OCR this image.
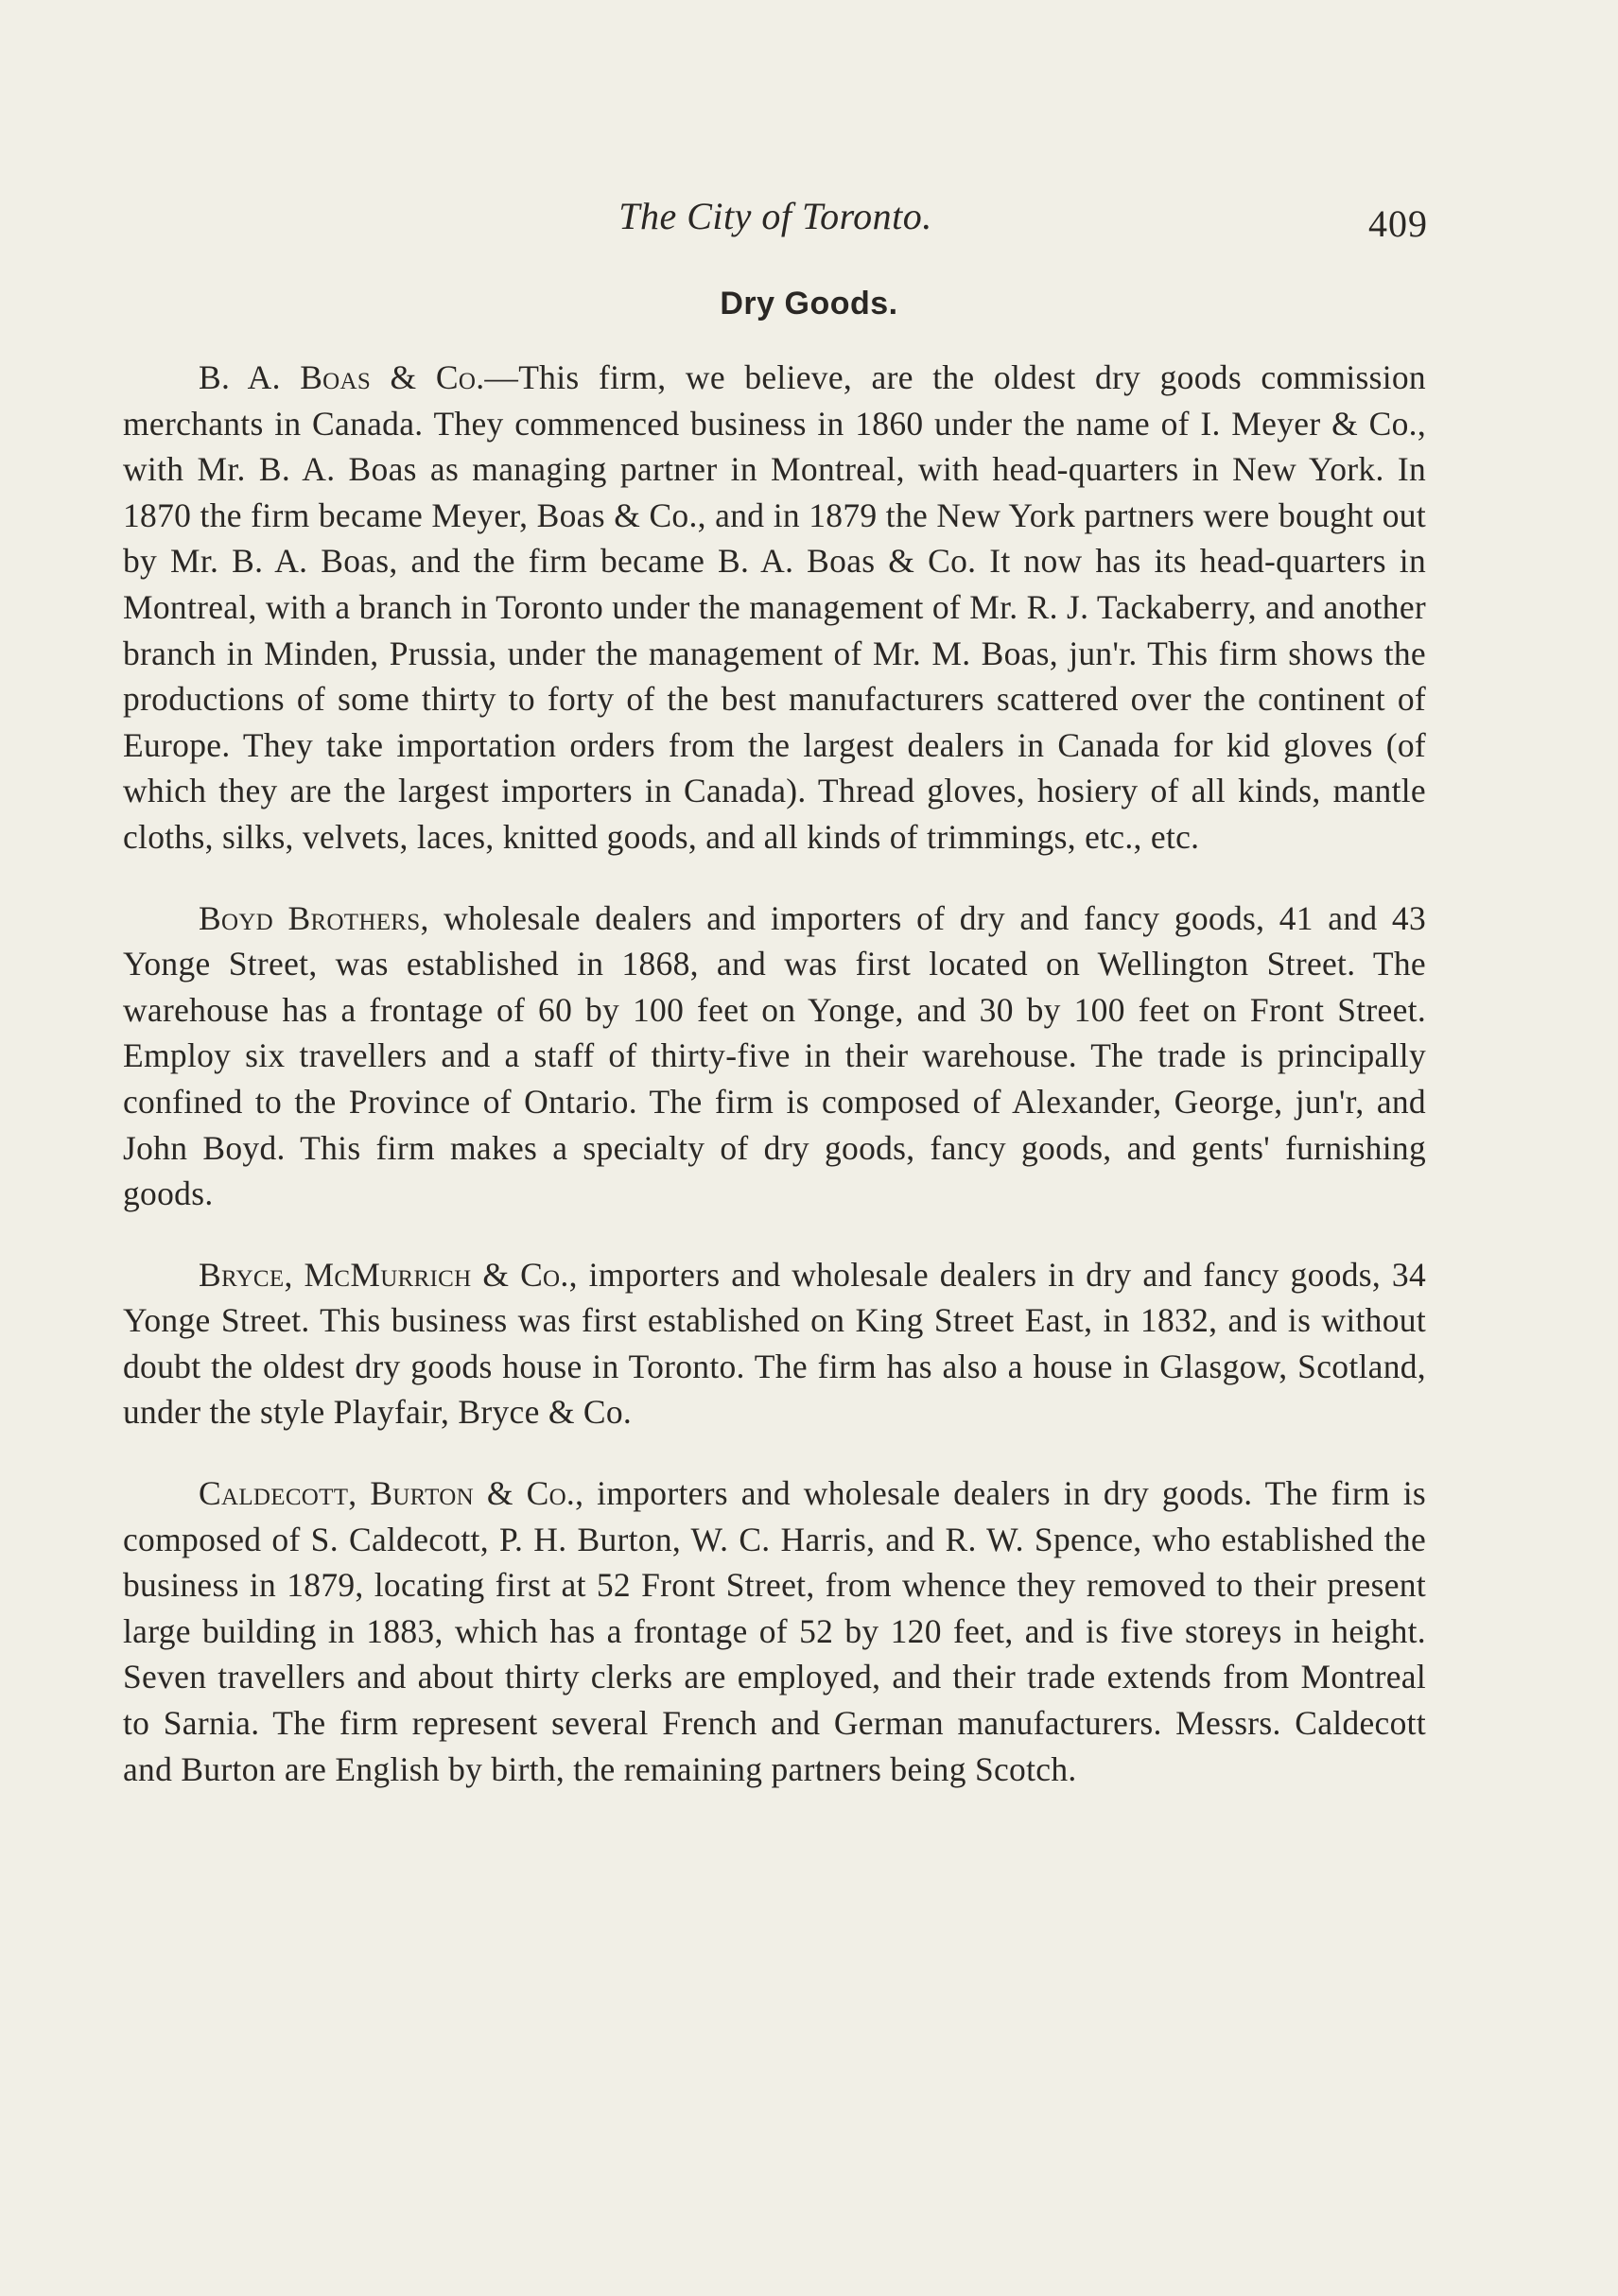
The City of Toronto.	409
Dry Goods.

B. A. Boas & Co.—This firm, we believe, are the oldest dry goods commission merchants in Canada. They commenced business in 1860 under the name of I. Meyer & Co., with Mr. B. A. Boas as managing partner in Montreal, with head-quarters in New York. In 1870 the firm became Meyer, Boas & Co., and in 1879 the New York partners were bought out by Mr. B. A. Boas, and the firm became B. A. Boas & Co. It now has its head-quarters in Montreal, with a branch in Toronto under the management of Mr. R. J. Tackaberry, and another branch in Minden, Prussia, under the management of Mr. M. Boas, jun'r. This firm shows the productions of some thirty to forty of the best manufacturers scattered over the continent of Europe. They take importation orders from the largest dealers in Canada for kid gloves (of which they are the largest importers in Canada). Thread gloves, hosiery of all kinds, mantle cloths, silks, velvets, laces, knitted goods, and all kinds of trimmings, etc., etc.

Boyd Brothers, wholesale dealers and importers of dry and fancy goods, 41 and 43 Yonge Street, was established in 1868, and was first located on Wellington Street. The warehouse has a frontage of 60 by 100 feet on Yonge, and 30 by 100 feet on Front Street. Employ six travellers and a staff of thirty-five in their warehouse. The trade is principally confined to the Province of Ontario. The firm is composed of Alexander, George, jun'r, and John Boyd. This firm makes a specialty of dry goods, fancy goods, and gents' furnishing goods.

Bryce, McMurrich & Co., importers and wholesale dealers in dry and fancy goods, 34 Yonge Street. This business was first established on King Street East, in 1832, and is without doubt the oldest dry goods house in Toronto. The firm has also a house in Glasgow, Scotland, under the style Playfair, Bryce & Co.

Caldecott, Burton & Co., importers and wholesale dealers in dry goods. The firm is composed of S. Caldecott, P. H. Burton, W. C. Harris, and R. W. Spence, who established the business in 1879, locating first at 52 Front Street, from whence they removed to their present large building in 1883, which has a frontage of 52 by 120 feet, and is five storeys in height. Seven travellers and about thirty clerks are employed, and their trade extends from Montreal to Sarnia. The firm represent several French and German manufacturers. Messrs. Caldecott and Burton are English by birth, the remaining partners being Scotch.
